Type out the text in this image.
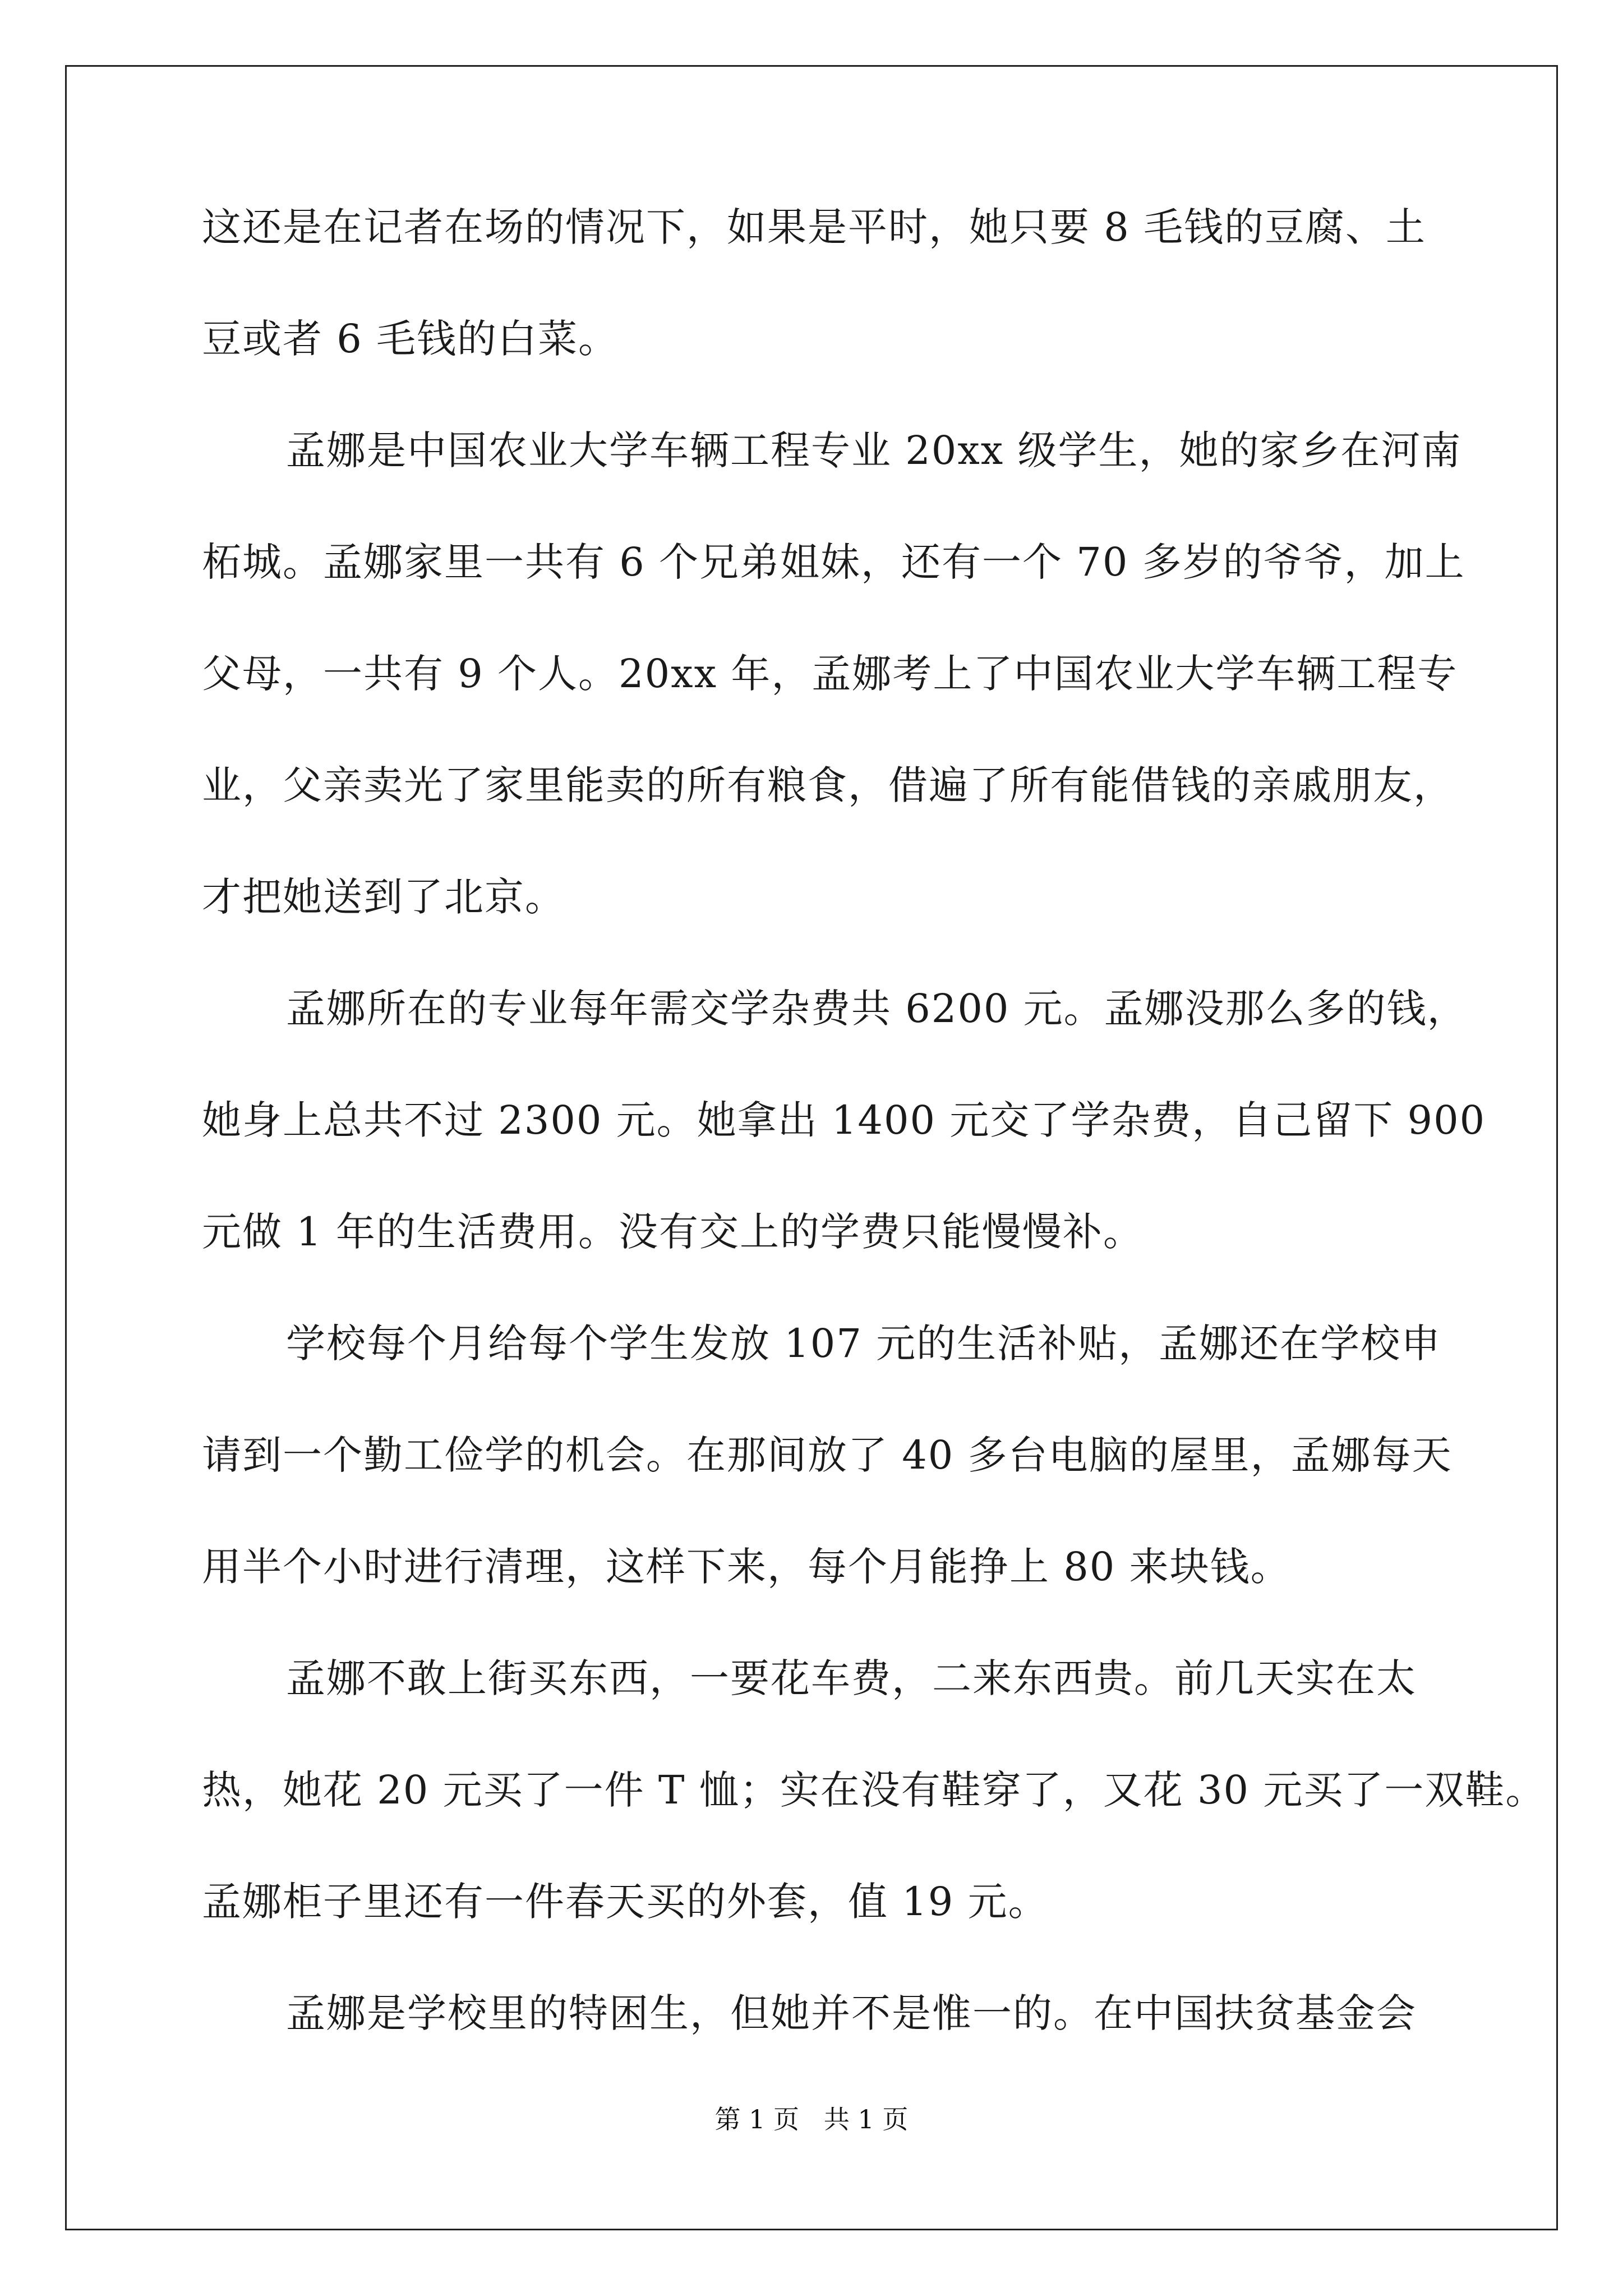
这还是在记者在场的情况下，如果是平时，她只要 8 毛钱的豆腐、土
豆或者 6 毛钱的白菜。
孟娜是中国农业大学车辆工程专业 20xx 级学生，她的家乡在河南
柘城。孟娜家里一共有 6 个兄弟姐妹，还有一个 70 多岁的爷爷，加上
父母，一共有 9 个人。20xx 年，孟娜考上了中国农业大学车辆工程专
业，父亲卖光了家里能卖的所有粮食，借遍了所有能借钱的亲戚朋友，
才把她送到了北京。
孟娜所在的专业每年需交学杂费共 6200 元。孟娜没那么多的钱，
她身上总共不过 2300 元。她拿出 1400 元交了学杂费，自己留下 900
元做 1 年的生活费用。没有交上的学费只能慢慢补。
学校每个月给每个学生发放 107 元的生活补贴，孟娜还在学校申
请到一个勤工俭学的机会。在那间放了 40 多台电脑的屋里，孟娜每天
用半个小时进行清理，这样下来，每个月能挣上 80 来块钱。
孟娜不敢上街买东西，一要花车费，二来东西贵。前几天实在太
热，她花 20 元买了一件 T 恤；实在没有鞋穿了，又花 30 元买了一双鞋。
孟娜柜子里还有一件春天买的外套，值 19 元。
孟娜是学校里的特困生，但她并不是惟一的。在中国扶贫基金会
第 1 页   共 1 页
